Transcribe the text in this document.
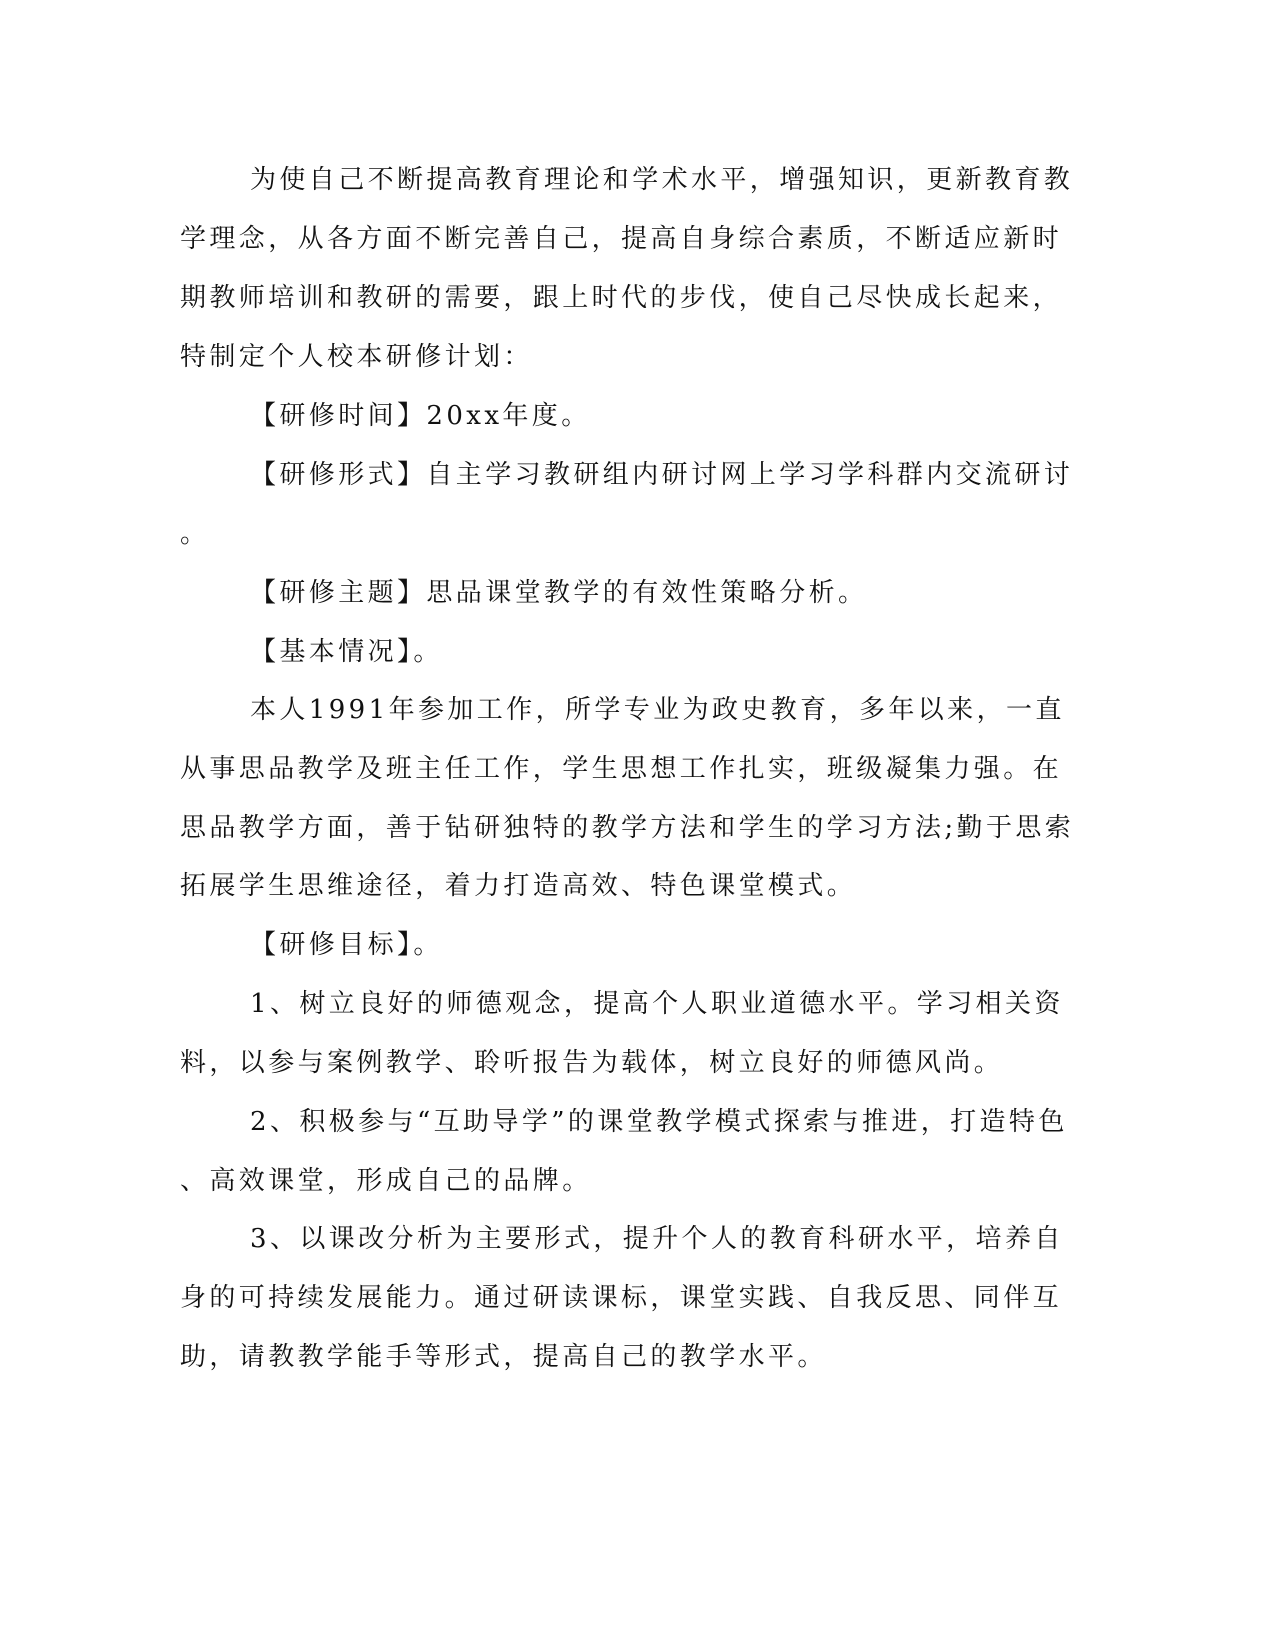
为使自己不断提高教育理论和学术水平，增强知识，更新教育教
学理念，从各方面不断完善自己，提高自身综合素质，不断适应新时
期教师培训和教研的需要，跟上时代的步伐，使自己尽快成长起来，
特制定个人校本研修计划：
【研修时间】20xx年度。
【研修形式】自主学习教研组内研讨网上学习学科群内交流研讨
。
【研修主题】思品课堂教学的有效性策略分析。
【基本情况】。
本人1991年参加工作，所学专业为政史教育，多年以来，一直
从事思品教学及班主任工作，学生思想工作扎实，班级凝集力强。在
思品教学方面，善于钻研独特的教学方法和学生的学习方法;勤于思索
拓展学生思维途径，着力打造高效、特色课堂模式。
【研修目标】。
1、树立良好的师德观念，提高个人职业道德水平。学习相关资
料，以参与案例教学、聆听报告为载体，树立良好的师德风尚。
2、积极参与“互助导学”的课堂教学模式探索与推进，打造特色
、高效课堂，形成自己的品牌。
3、以课改分析为主要形式，提升个人的教育科研水平，培养自
身的可持续发展能力。通过研读课标，课堂实践、自我反思、同伴互
助，请教教学能手等形式，提高自己的教学水平。
